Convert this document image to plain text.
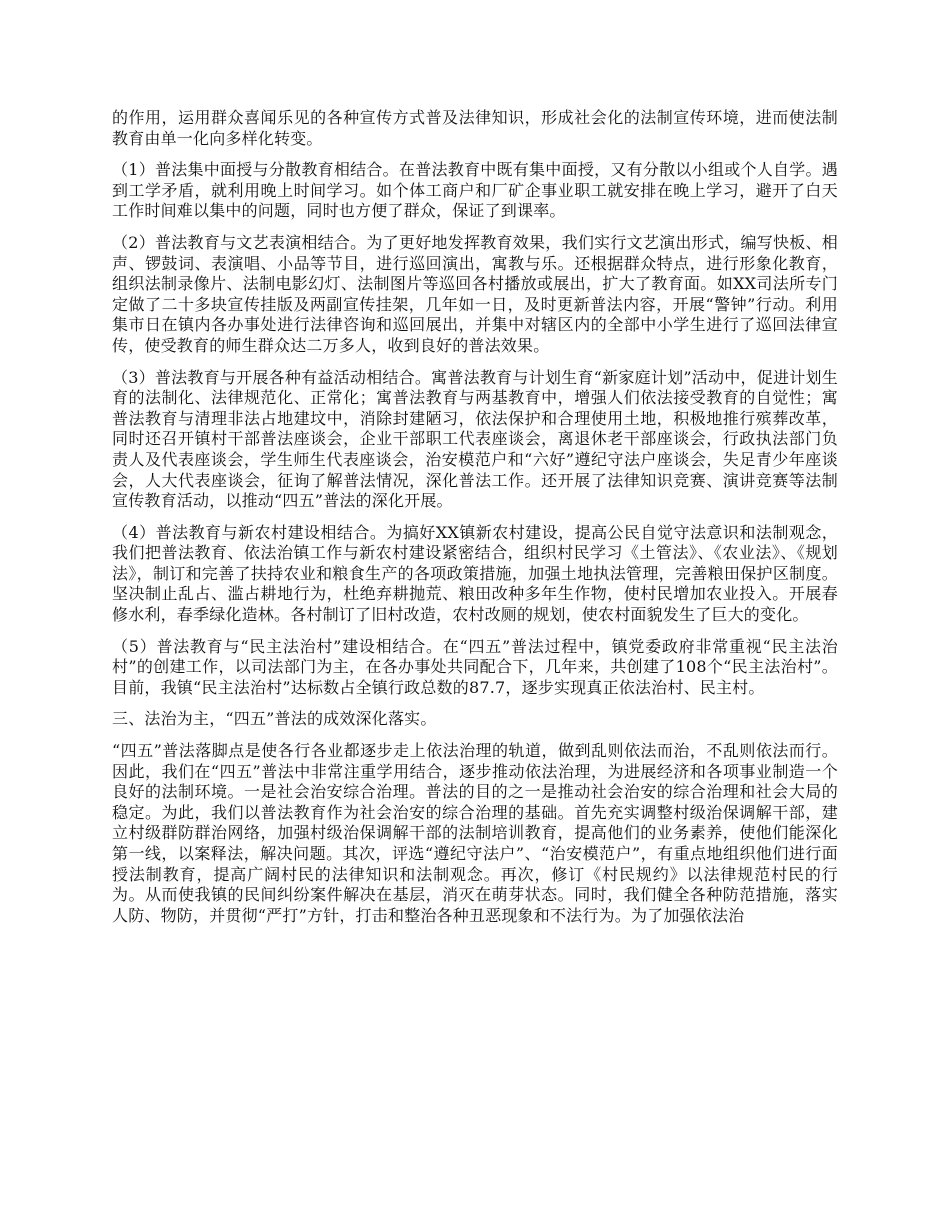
的作用，运用群众喜闻乐见的各种宣传方式普及法律知识，形成社会化的法制宣传环境，进而使法制教育由单一化向多样化转变。

（1）普法集中面授与分散教育相结合。在普法教育中既有集中面授，又有分散以小组或个人自学。遇到工学矛盾，就利用晚上时间学习。如个体工商户和厂矿企事业职工就安排在晚上学习，避开了白天工作时间难以集中的问题，同时也方便了群众，保证了到课率。

（2）普法教育与文艺表演相结合。为了更好地发挥教育效果，我们实行文艺演出形式，编写快板、相声、锣鼓词、表演唱、小品等节目，进行巡回演出，寓教与乐。还根据群众特点，进行形象化教育，组织法制录像片、法制电影幻灯、法制图片等巡回各村播放或展出，扩大了教育面。如XX司法所专门定做了二十多块宣传挂版及两副宣传挂架，几年如一日，及时更新普法内容，开展“警钟”行动。利用集市日在镇内各办事处进行法律咨询和巡回展出，并集中对辖区内的全部中小学生进行了巡回法律宣传，使受教育的师生群众达二万多人，收到良好的普法效果。

（3）普法教育与开展各种有益活动相结合。寓普法教育与计划生育“新家庭计划”活动中，促进计划生育的法制化、法律规范化、正常化；寓普法教育与两基教育中，增强人们依法接受教育的自觉性；寓普法教育与清理非法占地建坟中，消除封建陋习，依法保护和合理使用土地，积极地推行殡葬改革，同时还召开镇村干部普法座谈会，企业干部职工代表座谈会，离退休老干部座谈会，行政执法部门负责人及代表座谈会，学生师生代表座谈会，治安模范户和“六好”遵纪守法户座谈会，失足青少年座谈会，人大代表座谈会，征询了解普法情况，深化普法工作。还开展了法律知识竞赛、演讲竞赛等法制宣传教育活动，以推动“四五”普法的深化开展。

（4）普法教育与新农村建设相结合。为搞好XX镇新农村建设，提高公民自觉守法意识和法制观念，我们把普法教育、依法治镇工作与新农村建设紧密结合，组织村民学习《土管法》、《农业法》、《规划法》，制订和完善了扶持农业和粮食生产的各项政策措施，加强土地执法管理，完善粮田保护区制度。坚决制止乱占、滥占耕地行为，杜绝弃耕抛荒、粮田改种多年生作物，使村民增加农业投入。开展春修水利，春季绿化造林。各村制订了旧村改造，农村改厕的规划，使农村面貌发生了巨大的变化。

（5）普法教育与“民主法治村”建设相结合。在“四五”普法过程中，镇党委政府非常重视“民主法治村”的创建工作，以司法部门为主，在各办事处共同配合下，几年来，共创建了108个“民主法治村”。目前，我镇“民主法治村”达标数占全镇行政总数的87.7，逐步实现真正依法治村、民主村。

三、法治为主，“四五”普法的成效深化落实。

“四五”普法落脚点是使各行各业都逐步走上依法治理的轨道，做到乱则依法而治，不乱则依法而行。因此，我们在“四五”普法中非常注重学用结合，逐步推动依法治理，为进展经济和各项事业制造一个良好的法制环境。一是社会治安综合治理。普法的目的之一是推动社会治安的综合治理和社会大局的稳定。为此，我们以普法教育作为社会治安的综合治理的基础。首先充实调整村级治保调解干部，建立村级群防群治网络，加强村级治保调解干部的法制培训教育，提高他们的业务素养，使他们能深化第一线，以案释法，解决问题。其次，评选“遵纪守法户”、“治安模范户”，有重点地组织他们进行面授法制教育，提高广阔村民的法律知识和法制观念。再次，修订《村民规约》以法律规范村民的行为。从而使我镇的民间纠纷案件解决在基层，消灭在萌芽状态。同时，我们健全各种防范措施，落实人防、物防，并贯彻“严打”方针，打击和整治各种丑恶现象和不法行为。为了加强依法治
